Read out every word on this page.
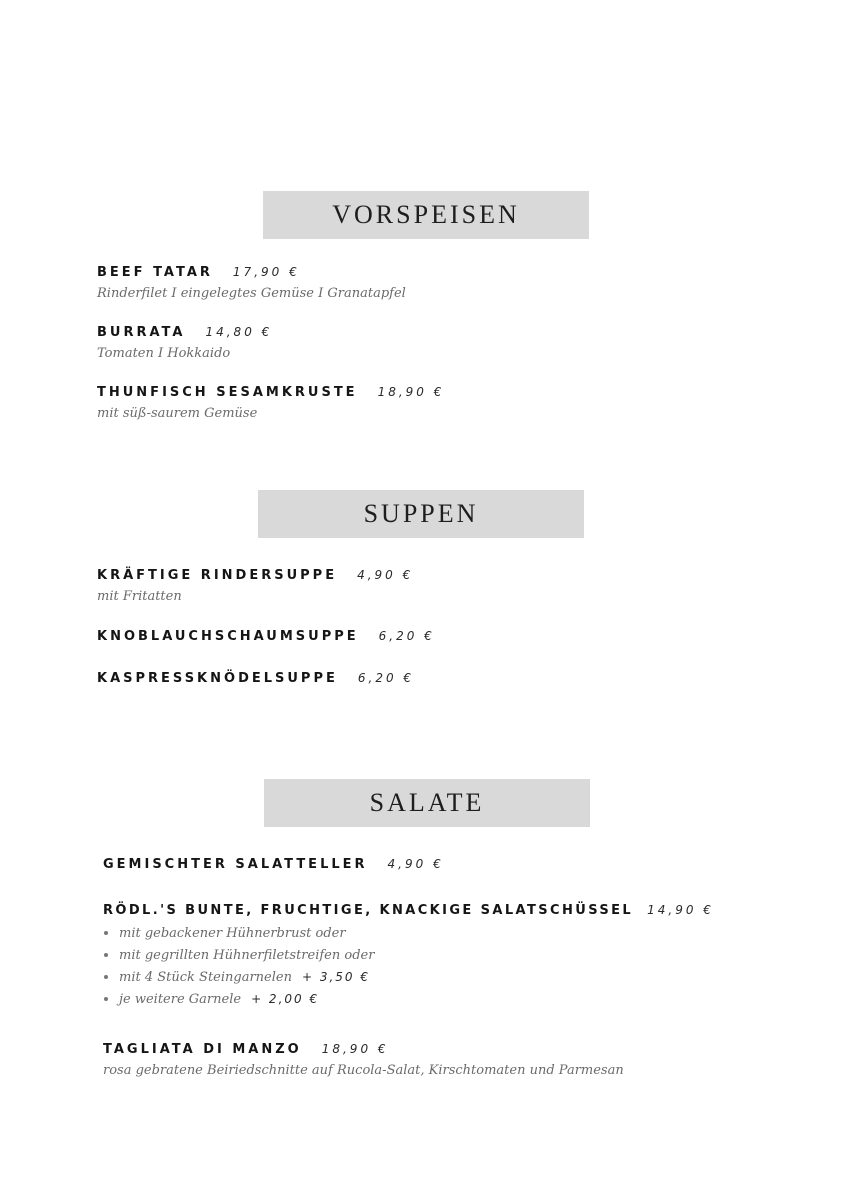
VORSPEISEN
BEEF TATAR 17,90 €
Rinderfilet I eingelegtes Gemüse I Granatapfel
BURRATA 14,80 €
Tomaten I Hokkaido
THUNFISCH SESAMKRUSTE 18,90 €
mit süß-saurem Gemüse
SUPPEN
KRÄFTIGE RINDERSUPPE 4,90 €
mit Fritatten
KNOBLAUCHSCHAUMSUPPE 6,20 €
KASPRESSKNÖDELSUPPE 6,20 €
SALATE
GEMISCHTER SALATTELLER 4,90 €
RÖDL.'S BUNTE, FRUCHTIGE, KNACKIGE SALATSCHÜSSEL 14,90 €
mit gebackener Hühnerbrust oder
mit gegrillten Hühnerfiletstreifen oder
mit 4 Stück Steingarnelen + 3,50 €
je weitere Garnele + 2,00 €
TAGLIATA DI MANZO 18,90 €
rosa gebratene Beiriedschnitte auf Rucola-Salat, Kirschtomaten und Parmesan
